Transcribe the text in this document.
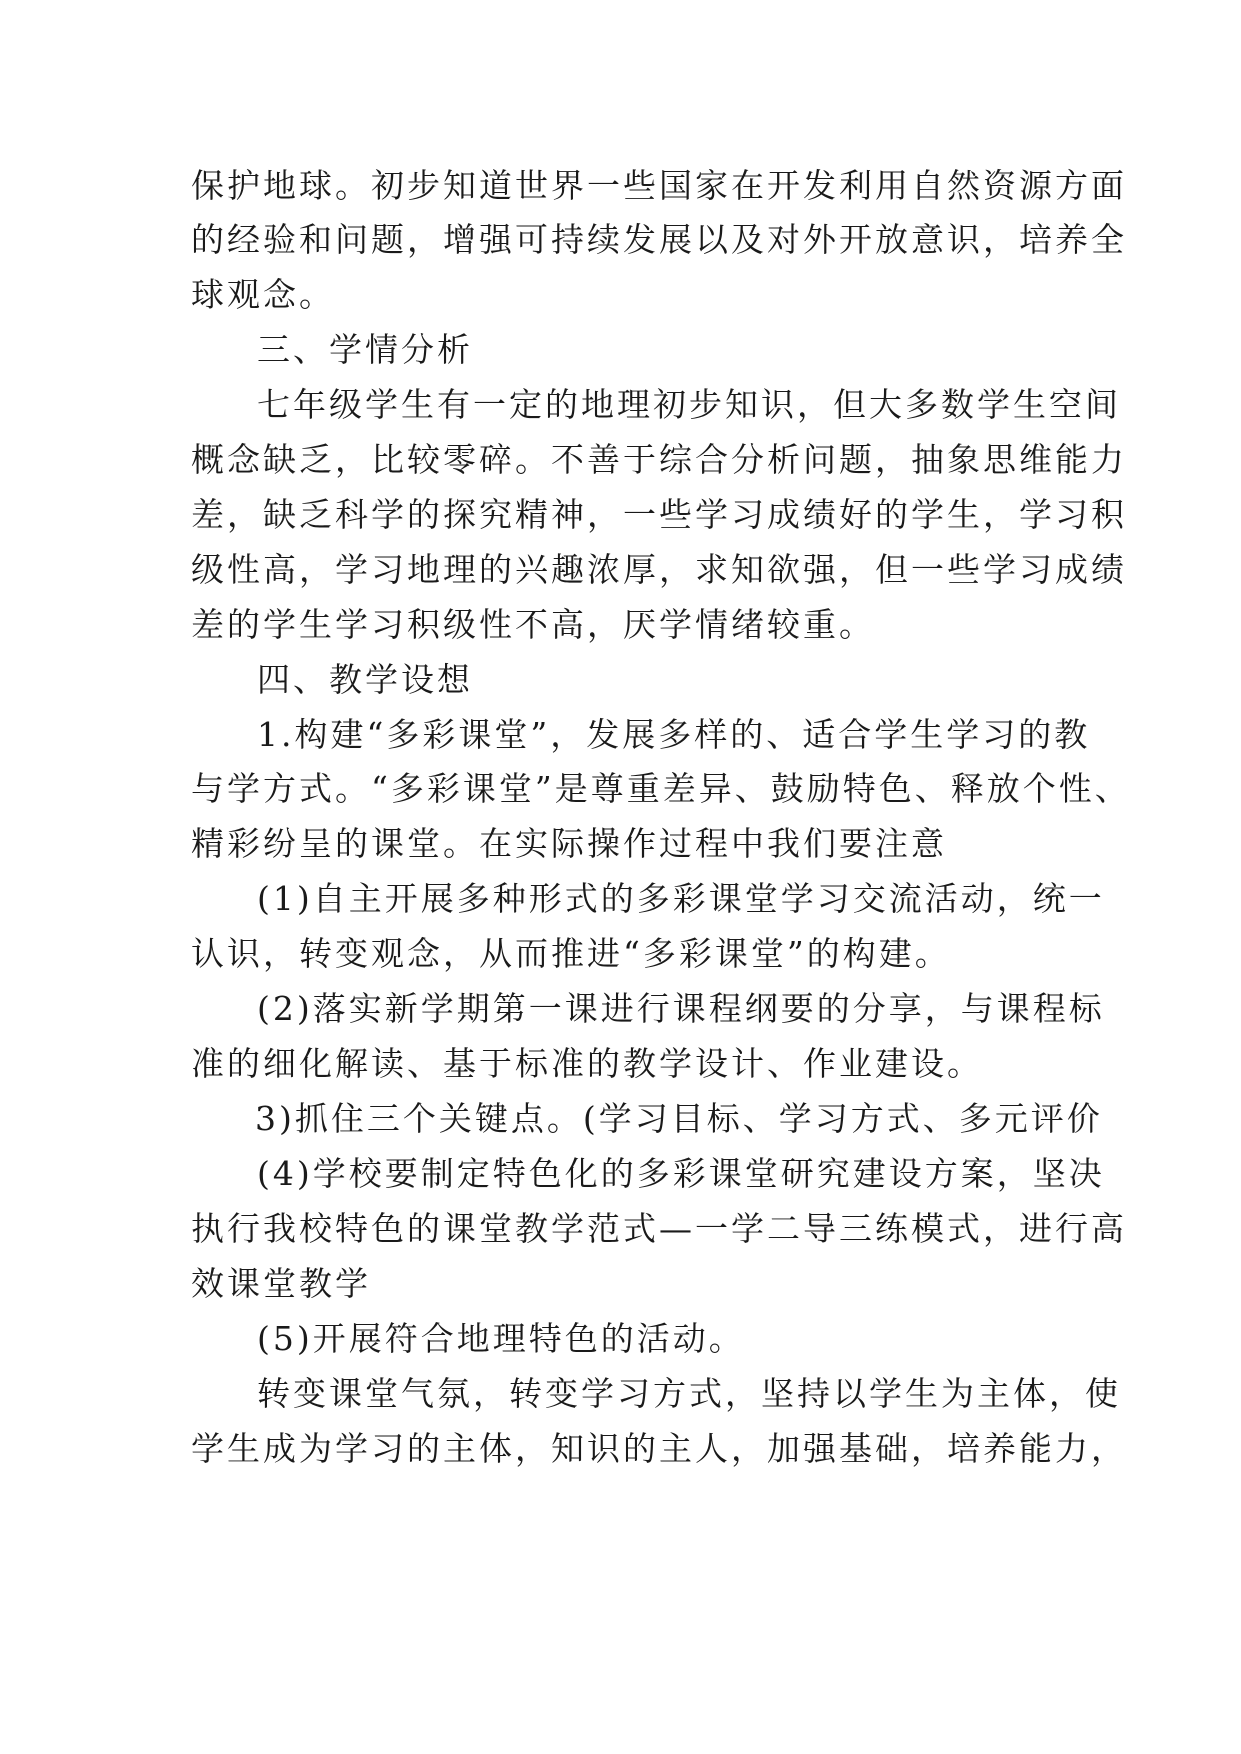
保护地球。初步知道世界一些国家在开发利用自然资源方面
的经验和问题，增强可持续发展以及对外开放意识，培养全
球观念。
三、学情分析
七年级学生有一定的地理初步知识，但大多数学生空间
概念缺乏，比较零碎。不善于综合分析问题，抽象思维能力
差，缺乏科学的探究精神，一些学习成绩好的学生，学习积
级性高，学习地理的兴趣浓厚，求知欲强，但一些学习成绩
差的学生学习积级性不高，厌学情绪较重。
四、教学设想
1.构建“多彩课堂”，发展多样的、适合学生学习的教
与学方式。“多彩课堂”是尊重差异、鼓励特色、释放个性、
精彩纷呈的课堂。在实际操作过程中我们要注意
(1)自主开展多种形式的多彩课堂学习交流活动，统一
认识，转变观念，从而推进“多彩课堂”的构建。
(2)落实新学期第一课进行课程纲要的分享，与课程标
准的细化解读、基于标准的教学设计、作业建设。
3)抓住三个关键点。(学习目标、学习方式、多元评价
(4)学校要制定特色化的多彩课堂研究建设方案，坚决
执行我校特色的课堂教学范式—一学二导三练模式，进行高
效课堂教学
(5)开展符合地理特色的活动。
转变课堂气氛，转变学习方式，坚持以学生为主体，使
学生成为学习的主体，知识的主人，加强基础，培养能力，
